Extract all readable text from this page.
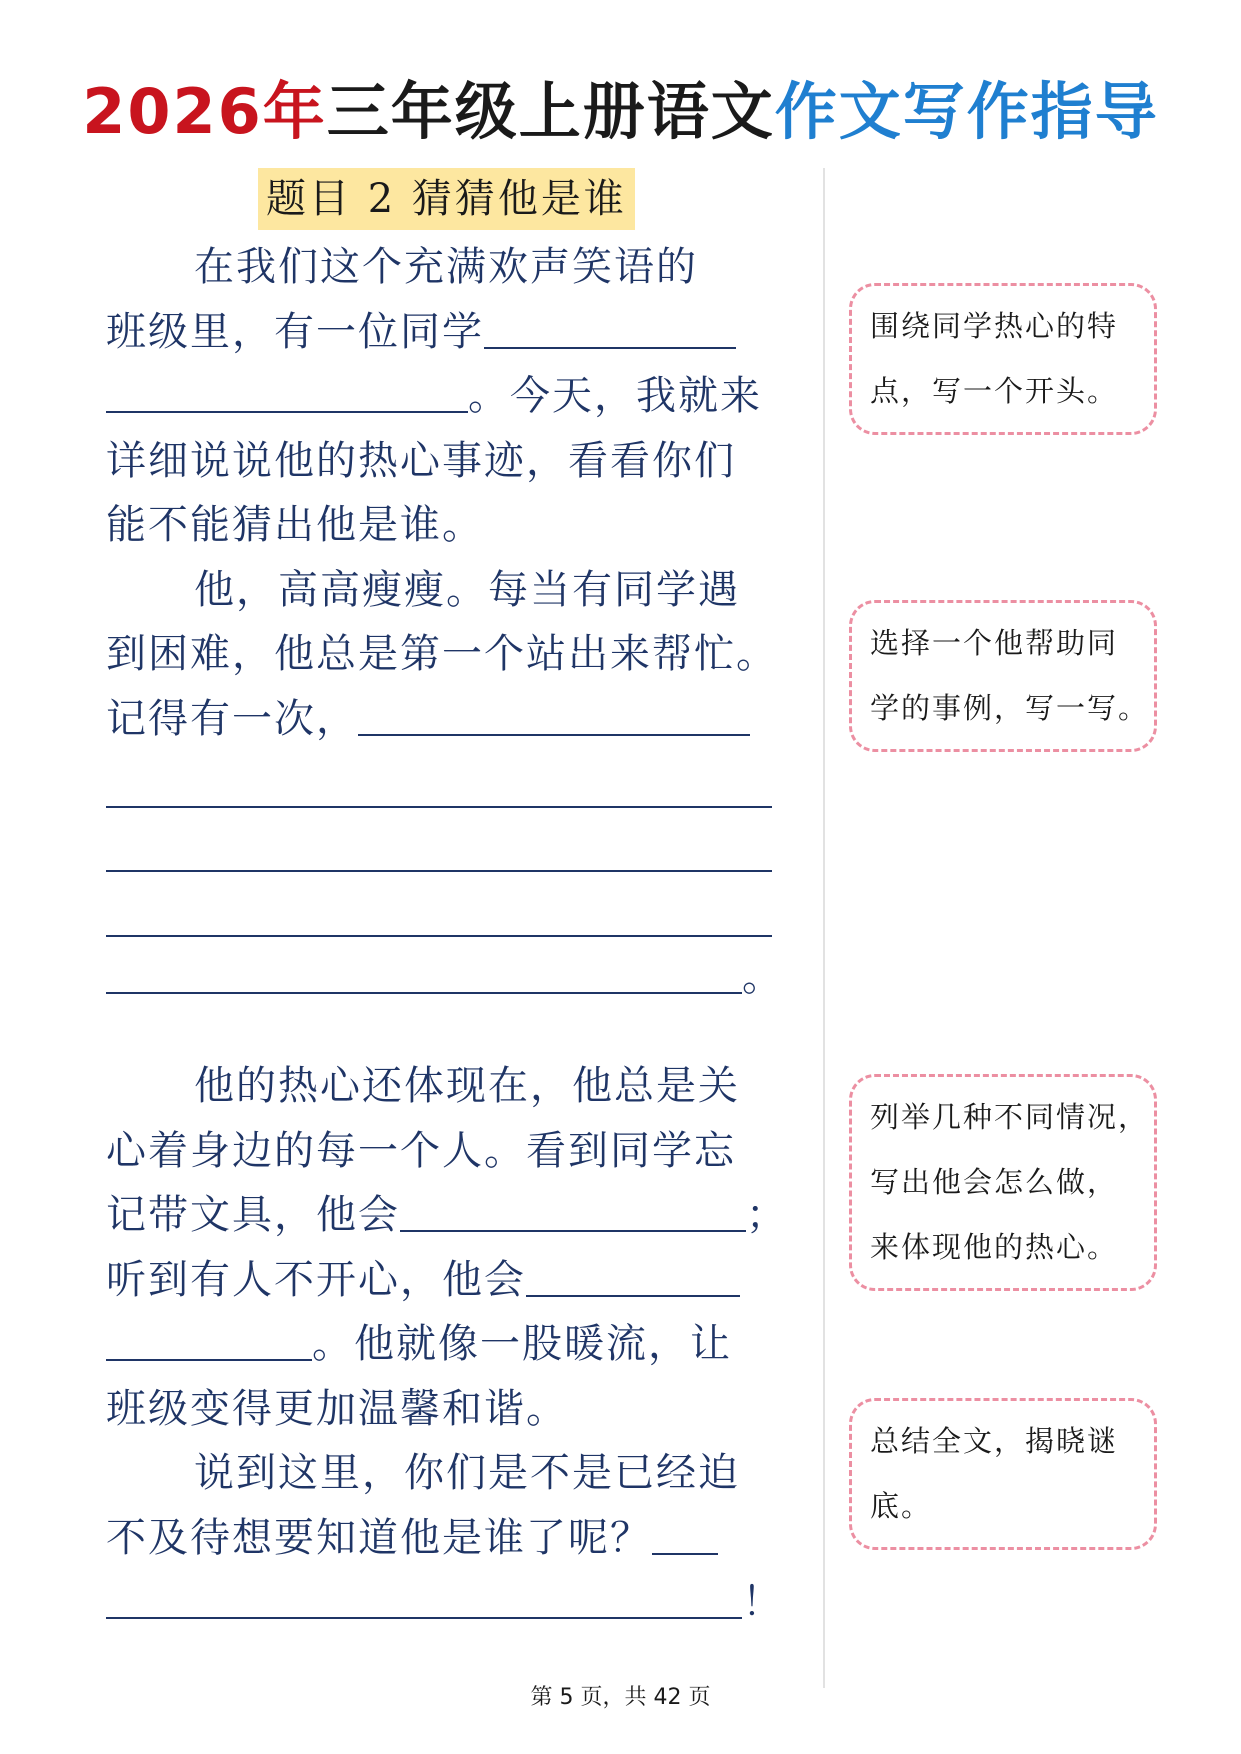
2026年三年级上册语文作文写作指导
题目 2 猜猜他是谁
在我们这个充满欢声笑语的
班级里，有一位同学
。今天，我就来
详细说说他的热心事迹，看看你们
能不能猜出他是谁。
他，高高瘦瘦。每当有同学遇
到困难，他总是第一个站出来帮忙。
记得有一次，
。
他的热心还体现在，他总是关
心着身边的每一个人。看到同学忘
记带文具，他会	；
听到有人不开心，他会
。他就像一股暖流，让
班级变得更加温馨和谐。
说到这里，你们是不是已经迫
不及待想要知道他是谁了呢？
！
围绕同学热心的特
点，写一个开头。
选择一个他帮助同
学的事例，写一写。
列举几种不同情况，
写出他会怎么做，
来体现他的热心。
总结全文，揭晓谜
底。
第 5 页，共 42 页
